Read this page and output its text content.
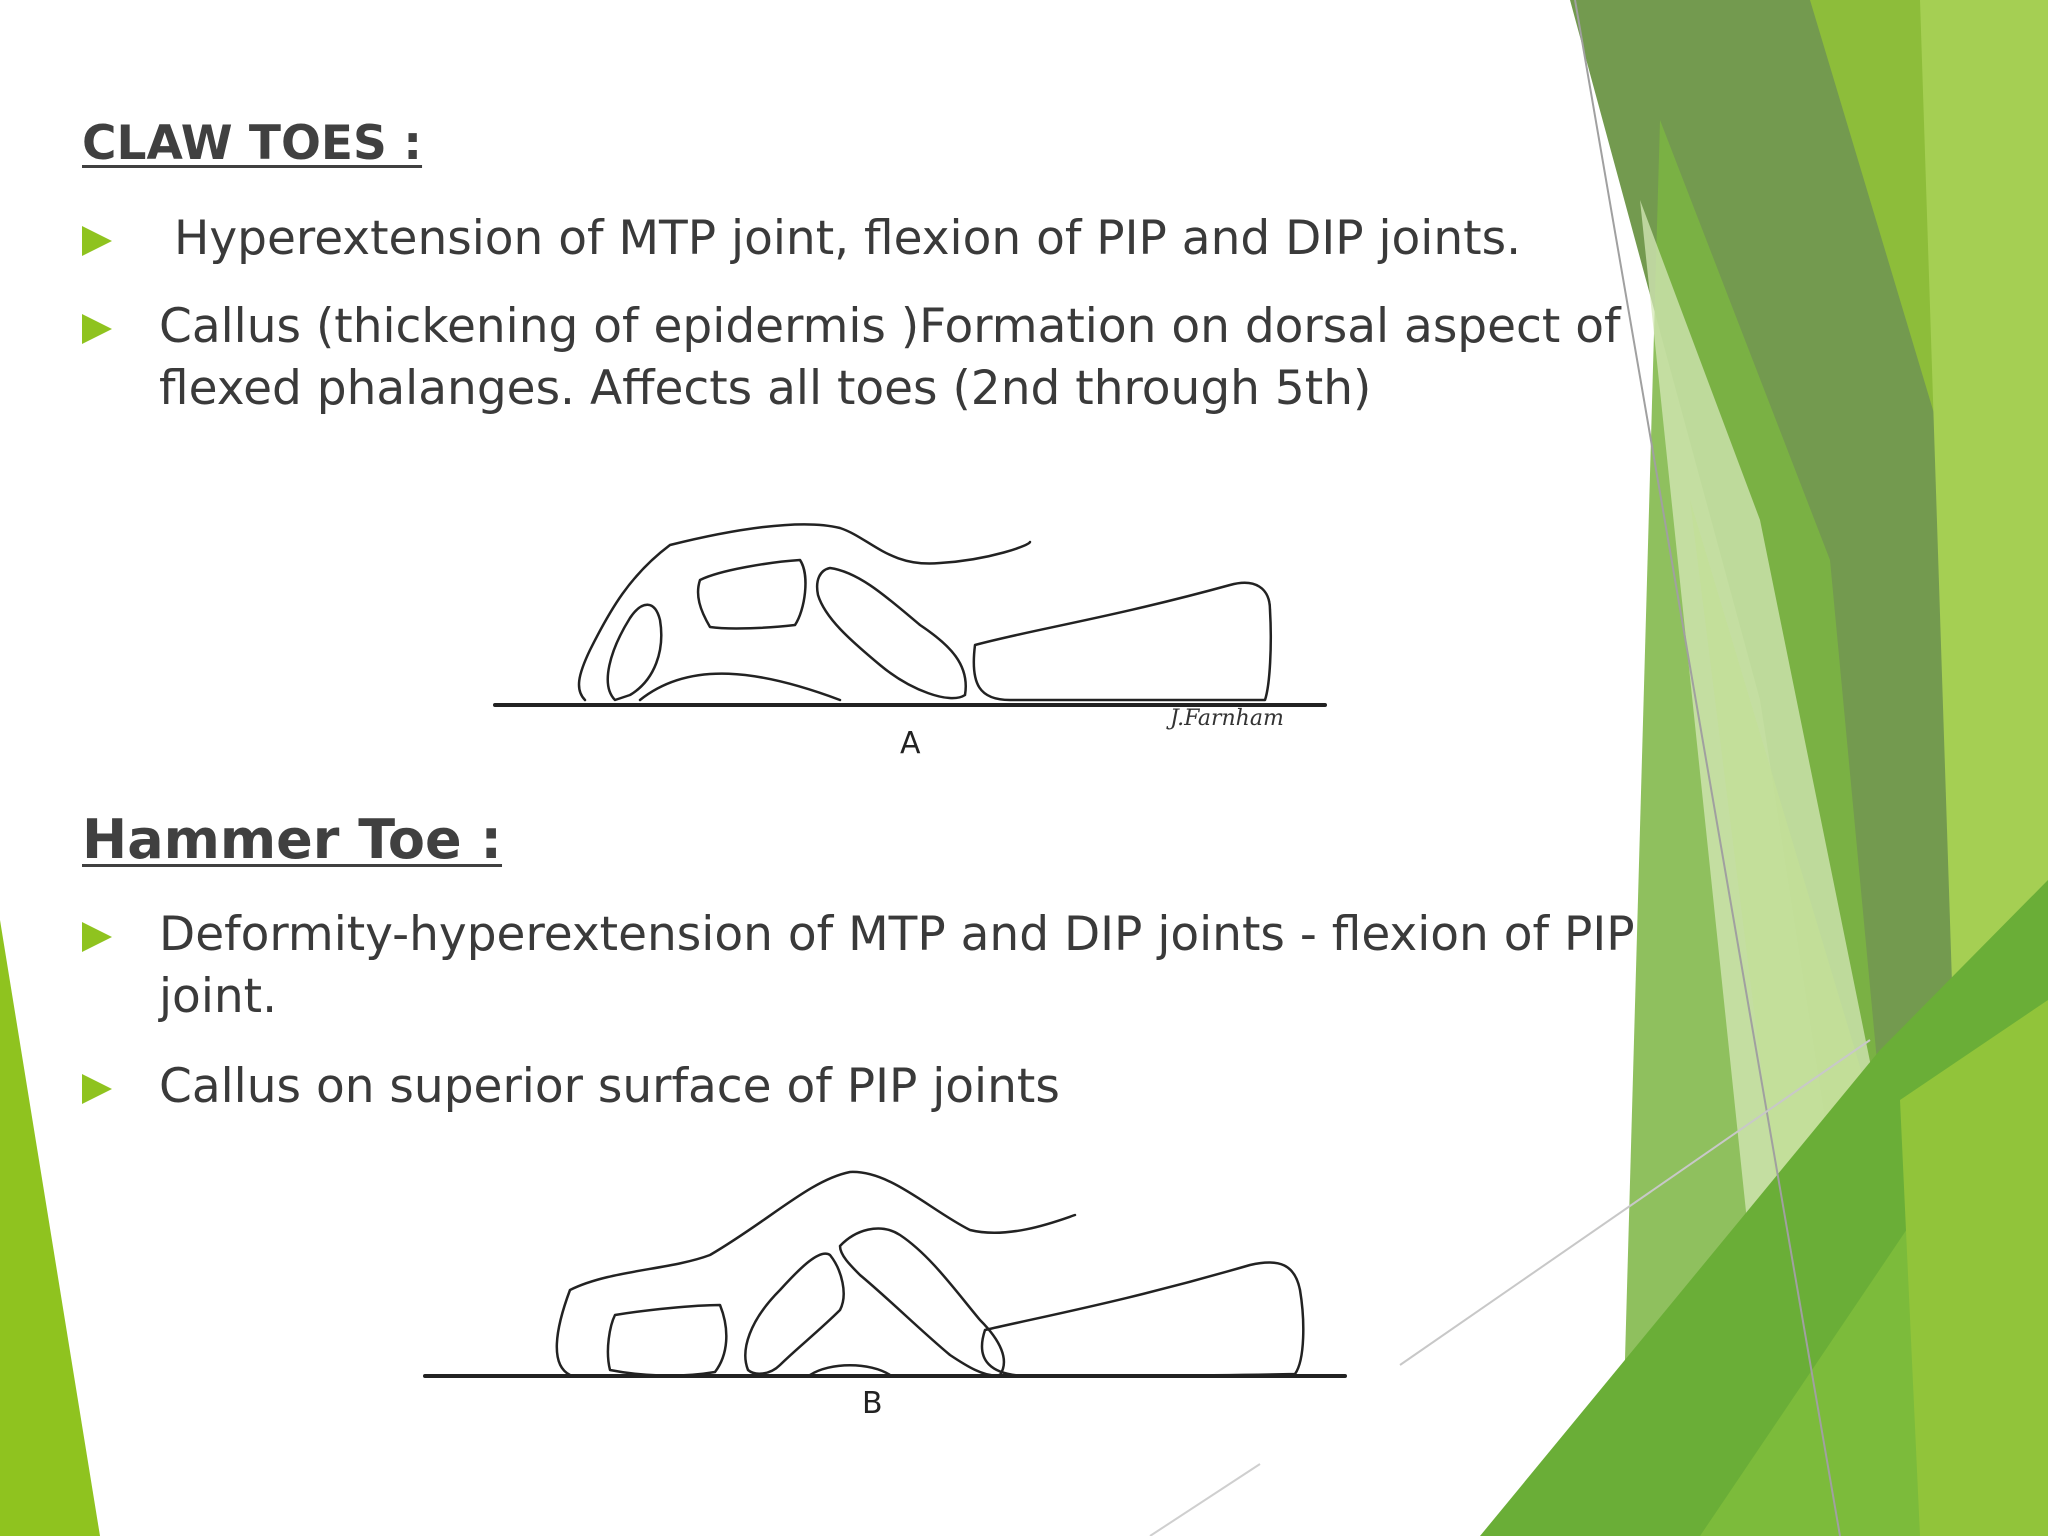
CLAW TOES :
Hyperextension of MTP joint, flexion of PIP and DIP joints.
Callus (thickening of epidermis )Formation on dorsal aspect of flexed phalanges. Affects all toes (2nd through 5th)
A
J.Farnham
Hammer Toe :
Deformity-hyperextension of MTP and DIP joints - flexion of PIP joint.
Callus on superior surface of PIP joints
B
